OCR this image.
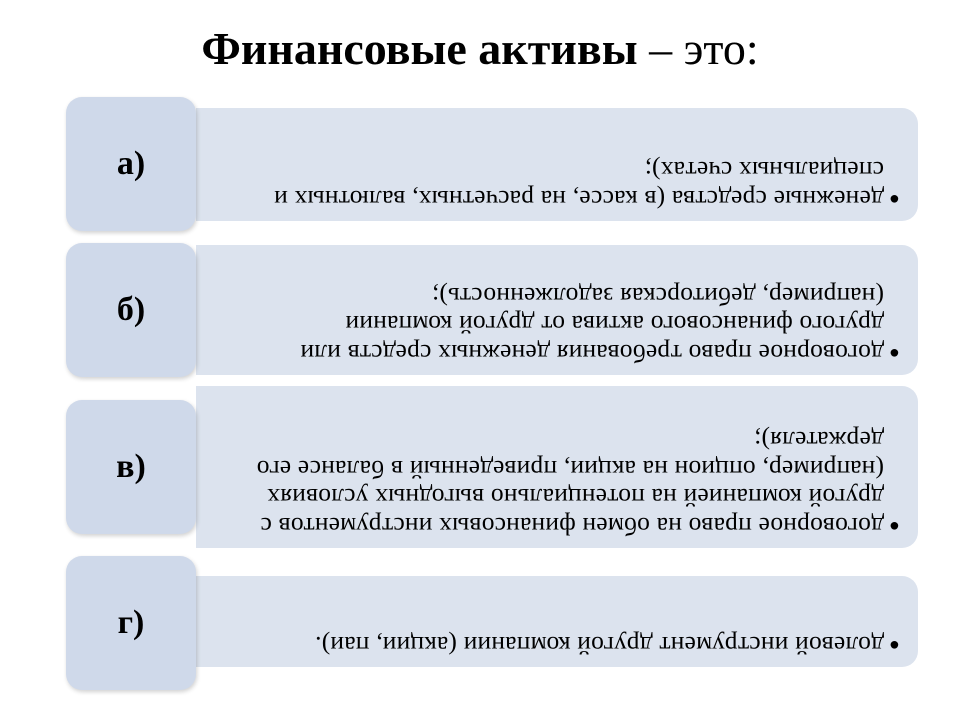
Финансовые активы – это:
а)
•
денежные средства (в кассе, на расчетных, валютных и специальных счетах);
б)
•
договорное право требования денежных средств или другого финансового актива от другой компании (например, дебиторская задолженность);
в)
•
договорное право на обмен финансовых инструментов с другой компанией на потенциально выгодных условиях (например, опцион на акции, приведенный в балансе его держателя);
г)
•
долевой инструмент другой компании (акции, паи).
